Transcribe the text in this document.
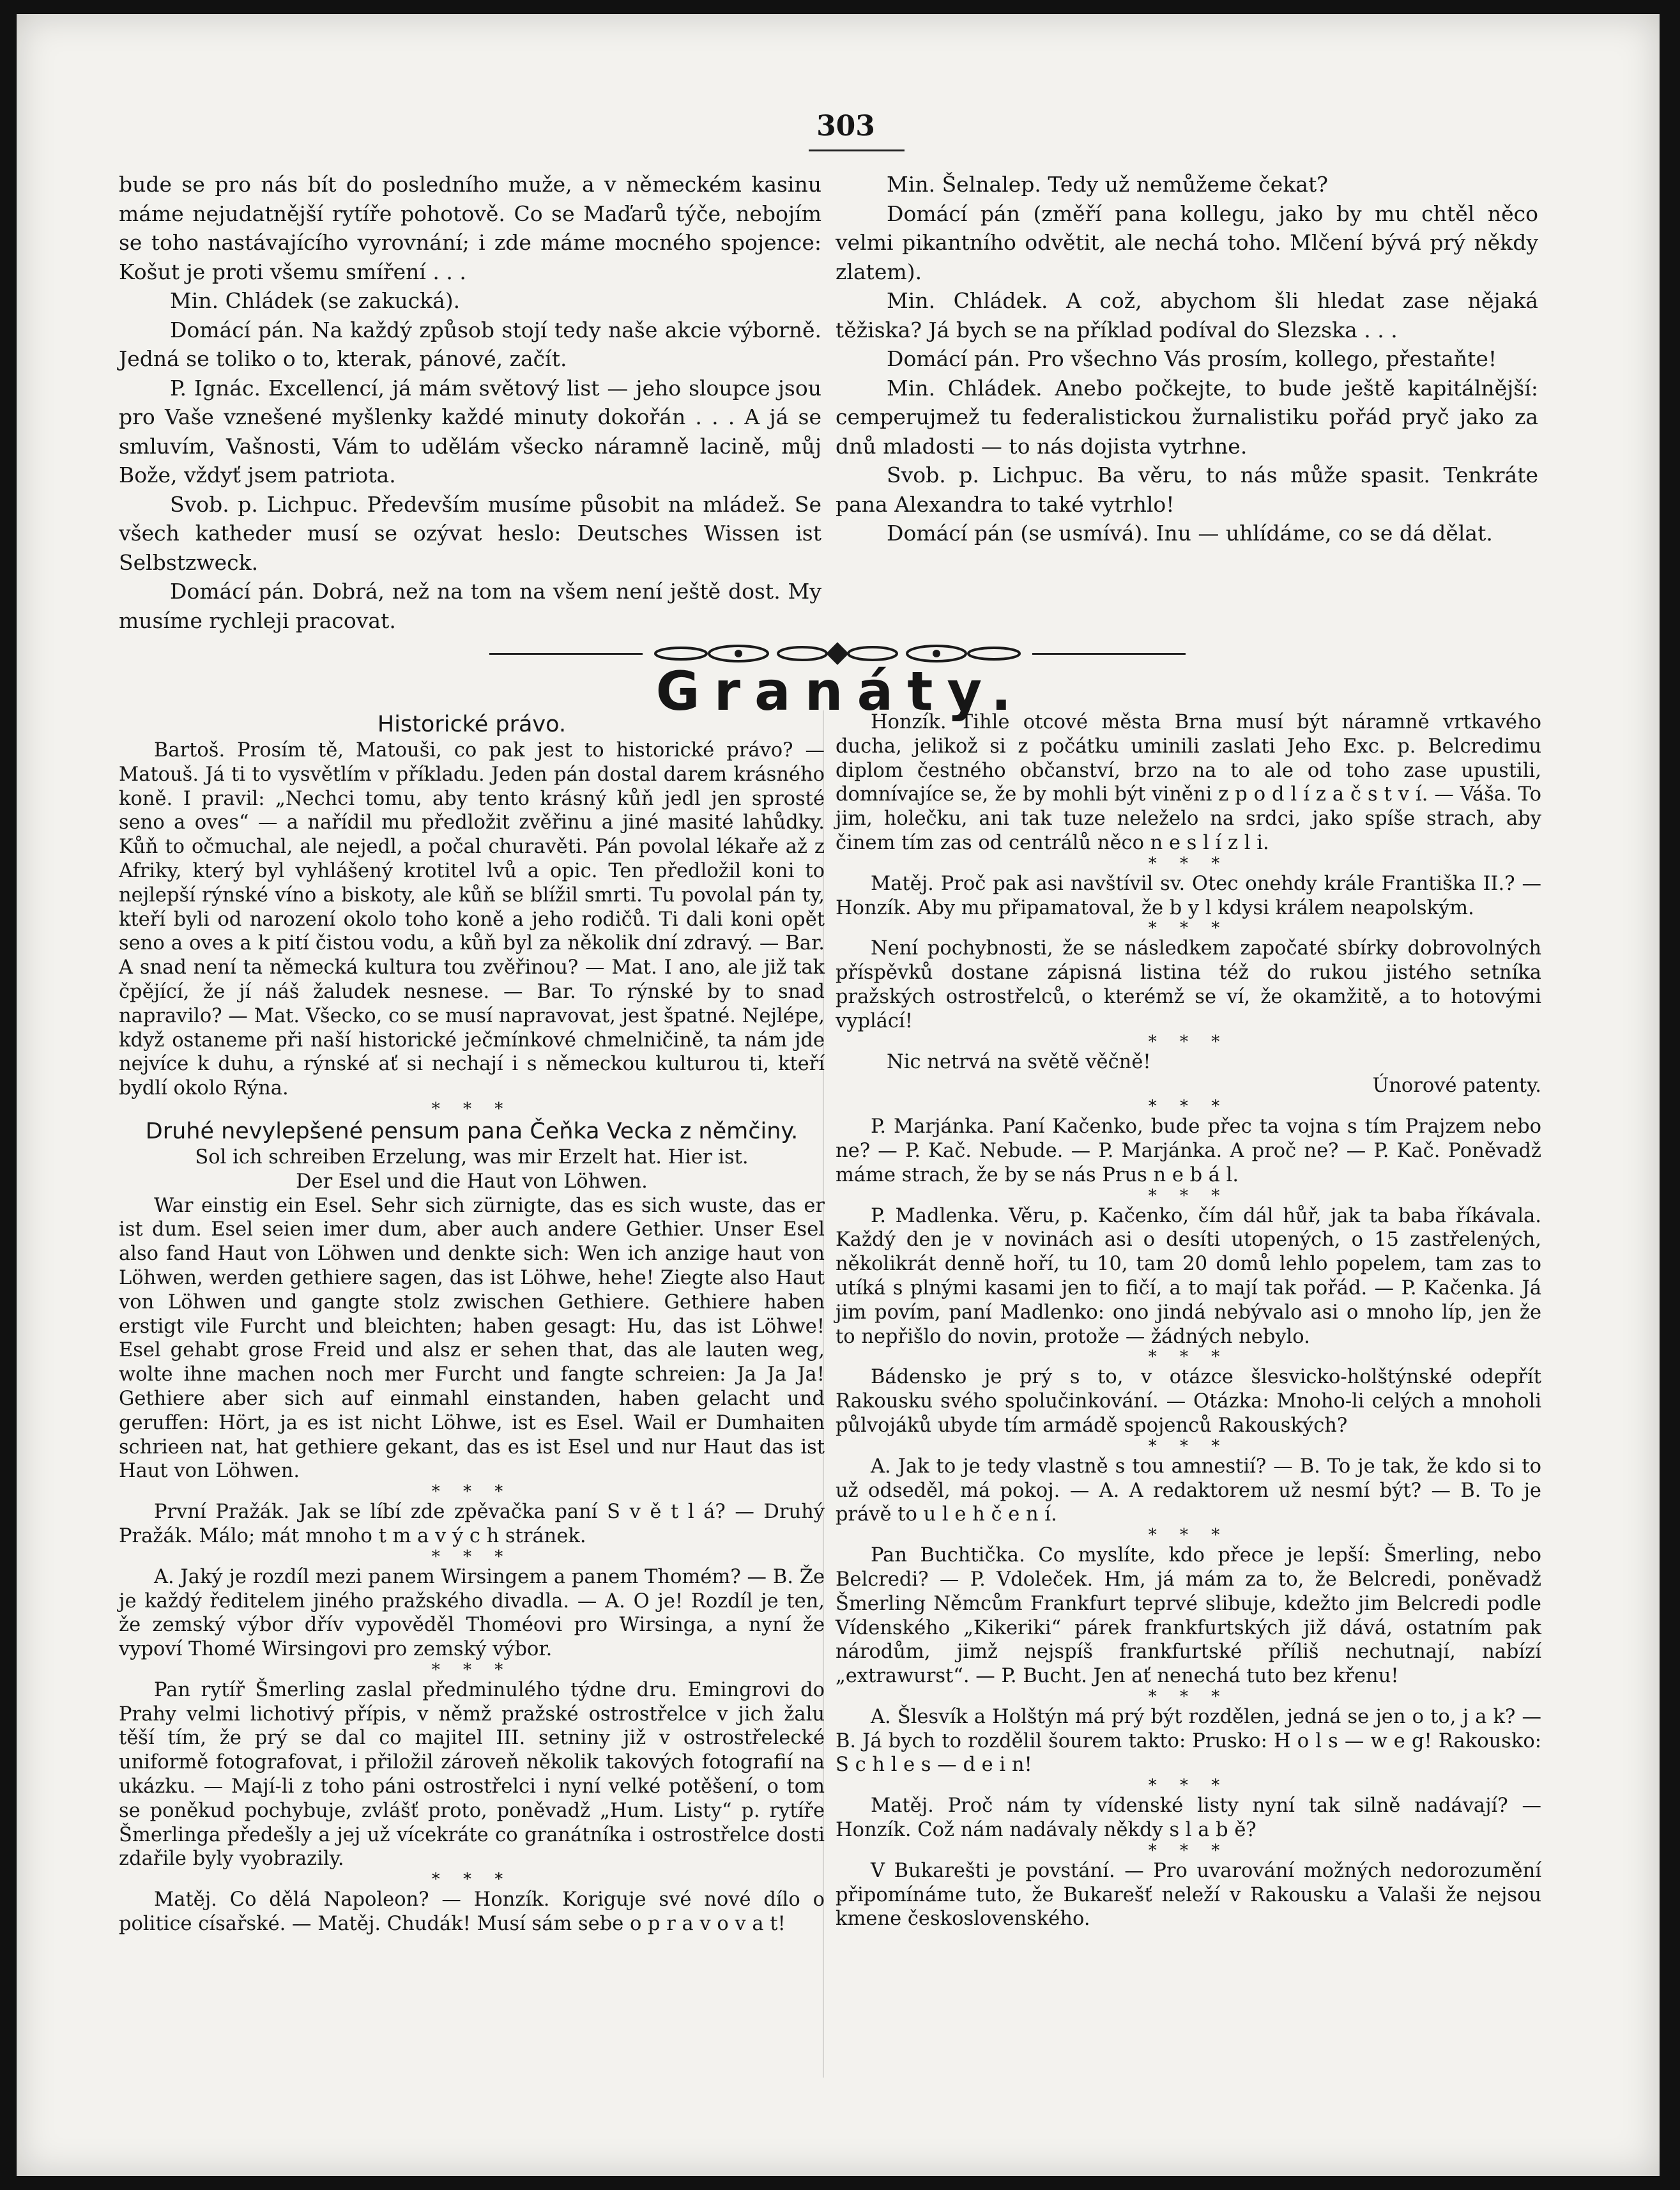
303

bude se pro nás bít do posledního muže, a v německém kasinu máme nejudatnější rytíře pohotově. Co se Maďarů týče, nebojím se toho nastávajícího vyrovnání; i zde máme mocného spojence: Košut je proti všemu smíření . . .

Min. Chládek (se zakucká).

Domácí pán. Na každý způsob stojí tedy naše akcie výborně. Jedná se toliko o to, kterak, pánové, začít.

P. Ignác. Excellencí, já mám světový list — jeho sloupce jsou pro Vaše vznešené myšlenky každé minuty dokořán . . . A já se smluvím, Vašnosti, Vám to udělám všecko náramně lacině, můj Bože, vždyť jsem patriota.

Svob. p. Lichpuc. Především musíme působit na mládež. Se všech katheder musí se ozývat heslo: Deutsches Wissen ist Selbstzweck.

Domácí pán. Dobrá, než na tom na všem není ještě dost. My musíme rychleji pracovat.

Min. Šelnalep. Tedy už nemůžeme čekat?

Domácí pán (změří pana kollegu, jako by mu chtěl něco velmi pikantního odvětit, ale nechá toho. Mlčení bývá prý někdy zlatem).

Min. Chládek. A což, abychom šli hledat zase nějaká těžiska? Já bych se na příklad podíval do Slezska . . .

Domácí pán. Pro všechno Vás prosím, kollego, přestaňte!

Min. Chládek. Anebo počkejte, to bude ještě kapitálnější: cemperujmež tu federalistickou žurnalistiku pořád pryč jako za dnů mladosti — to nás dojista vytrhne.

Svob. p. Lichpuc. Ba věru, to nás může spasit. Tenkráte pana Alexandra to také vytrhlo!

Domácí pán (se usmívá). Inu — uhlídáme, co se dá dělat.

Granáty.

Historické právo.

Bartoš. Prosím tě, Matouši, co pak jest to historické právo? — Matouš. Já ti to vysvětlím v příkladu. Jeden pán dostal darem krásného koně. I pravil: „Nechci tomu, aby tento krásný kůň jedl jen sprosté seno a oves“ — a nařídil mu předložit zvěřinu a jiné masité lahůdky. Kůň to očmuchal, ale nejedl, a počal churavěti. Pán povolal lékaře až z Afriky, který byl vyhlášený krotitel lvů a opic. Ten předložil koni to nejlepší rýnské víno a biskoty, ale kůň se blížil smrti. Tu povolal pán ty, kteří byli od narození okolo toho koně a jeho rodičů. Ti dali koni opět seno a oves a k pití čistou vodu, a kůň byl za několik dní zdravý. — Bar. A snad není ta německá kultura tou zvěřinou? — Mat. I ano, ale již tak čpějící, že jí náš žaludek nesnese. — Bar. To rýnské by to snad napravilo? — Mat. Všecko, co se musí napravovat, jest špatné. Nejlépe, když ostaneme při naší historické ječmínkové chmelničině, ta nám jde nejvíce k duhu, a rýnské ať si nechají i s německou kulturou ti, kteří bydlí okolo Rýna.

* * *

Druhé nevylepšené pensum pana Čeňka Vecka z němčiny.

Sol ich schreiben Erzelung, was mir Erzelt hat. Hier ist.

Der Esel und die Haut von Löhwen.

War einstig ein Esel. Sehr sich zürnigte, das es sich wuste, das er ist dum. Esel seien imer dum, aber auch andere Gethier. Unser Esel also fand Haut von Löhwen und denkte sich: Wen ich anzige haut von Löhwen, werden gethiere sagen, das ist Löhwe, hehe! Ziegte also Haut von Löhwen und gangte stolz zwischen Gethiere. Gethiere haben erstigt vile Furcht und bleichten; haben gesagt: Hu, das ist Löhwe! Esel gehabt grose Freid und alsz er sehen that, das ale lauten weg, wolte ihne machen noch mer Furcht und fangte schreien: Ja Ja Ja! Gethiere aber sich auf einmahl einstanden, haben gelacht und geruffen: Hört, ja es ist nicht Löhwe, ist es Esel. Wail er Dumhaiten schrieen nat, hat gethiere gekant, das es ist Esel und nur Haut das ist Haut von Löhwen.

* * *

První Pražák. Jak se líbí zde zpěvačka paní S v ě t l á? — Druhý Pražák. Málo; mát mnoho t m a v ý c h stránek.

* * *

A. Jaký je rozdíl mezi panem Wirsingem a panem Thomém? — B. Že je každý ředitelem jiného pražského divadla. — A. O je! Rozdíl je ten, že zemský výbor dřív vypověděl Thoméovi pro Wirsinga, a nyní že vypoví Thomé Wirsingovi pro zemský výbor.

* * *

Pan rytíř Šmerling zaslal předminulého týdne dru. Emingrovi do Prahy velmi lichotivý přípis, v němž pražské ostrostřelce v jich žalu těší tím, že prý se dal co majitel III. setniny již v ostrostřelecké uniformě fotografovat, i přiložil zároveň několik takových fotografií na ukázku. — Mají-li z toho páni ostrostřelci i nyní velké potěšení, o tom se poněkud pochybuje, zvlášť proto, poněvadž „Hum. Listy“ p. rytíře Šmerlinga předešly a jej už vícekráte co granátníka i ostrostřelce dosti zdařile byly vyobrazily.

* * *

Matěj. Co dělá Napoleon? — Honzík. Koriguje své nové dílo o politice císařské. — Matěj. Chudák! Musí sám sebe o p r a v o v a t!

Honzík. Tihle otcové města Brna musí být náramně vrtkavého ducha, jelikož si z počátku uminili zaslati Jeho Exc. p. Belcredimu diplom čestného občanství, brzo na to ale od toho zase upustili, domnívajíce se, že by mohli být viněni z p o d l í z a č s t v í. — Váša. To jim, holečku, ani tak tuze neleželo na srdci, jako spíše strach, aby činem tím zas od centrálů něco n e s l í z l i.

* * *

Matěj. Proč pak asi navštívil sv. Otec onehdy krále Františka II.? — Honzík. Aby mu připamatoval, že b y l kdysi králem neapolským.

* * *

Není pochybnosti, že se následkem započaté sbírky dobrovolných příspěvků dostane zápisná listina též do rukou jistého setníka pražských ostrostřelců, o kterémž se ví, že okamžitě, a to hotovými vyplácí!

* * *

Nic netrvá na světě věčně!

Únorové patenty.

* * *

P. Marjánka. Paní Kačenko, bude přec ta vojna s tím Prajzem nebo ne? — P. Kač. Nebude. — P. Marjánka. A proč ne? — P. Kač. Poněvadž máme strach, že by se nás Prus n e b á l.

* * *

P. Madlenka. Věru, p. Kačenko, čím dál hůř, jak ta baba říkávala. Každý den je v novinách asi o desíti utopených, o 15 zastřelených, několikrát denně hoří, tu 10, tam 20 domů lehlo popelem, tam zas to utíká s plnými kasami jen to fičí, a to mají tak pořád. — P. Kačenka. Já jim povím, paní Madlenko: ono jindá nebývalo asi o mnoho líp, jen že to nepřišlo do novin, protože — žádných nebylo.

* * *

Bádensko je prý s to, v otázce šlesvicko-holštýnské odepřít Rakousku svého spolučinkování. — Otázka: Mnoho-li celých a mnoholi půlvojáků ubyde tím armádě spojenců Rakouských?

* * *

A. Jak to je tedy vlastně s tou amnestií? — B. To je tak, že kdo si to už odseděl, má pokoj. — A. A redaktorem už nesmí být? — B. To je právě to u l e h č e n í.

* * *

Pan Buchtička. Co myslíte, kdo přece je lepší: Šmerling, nebo Belcredi? — P. Vdoleček. Hm, já mám za to, že Belcredi, poněvadž Šmerling Němcům Frankfurt teprvé slibuje, kdežto jim Belcredi podle Vídenského „Kikeriki“ párek frankfurtských již dává, ostatním pak národům, jimž nejspíš frankfurtské příliš nechutnají, nabízí „extrawurst“. — P. Bucht. Jen ať nenechá tuto bez křenu!

* * *

A. Šlesvík a Holštýn má prý být rozdělen, jedná se jen o to, j a k? — B. Já bych to rozdělil šourem takto: Prusko: H o l s — w e g! Rakousko: S c h l e s — d e i n!

* * *

Matěj. Proč nám ty vídenské listy nyní tak silně nadávají? — Honzík. Což nám nadávaly někdy s l a b ě?

* * *

V Bukarešti je povstání. — Pro uvarování možných nedorozumění připomínáme tuto, že Bukarešť neleží v Rakousku a Valaši že nejsou kmene československého.
